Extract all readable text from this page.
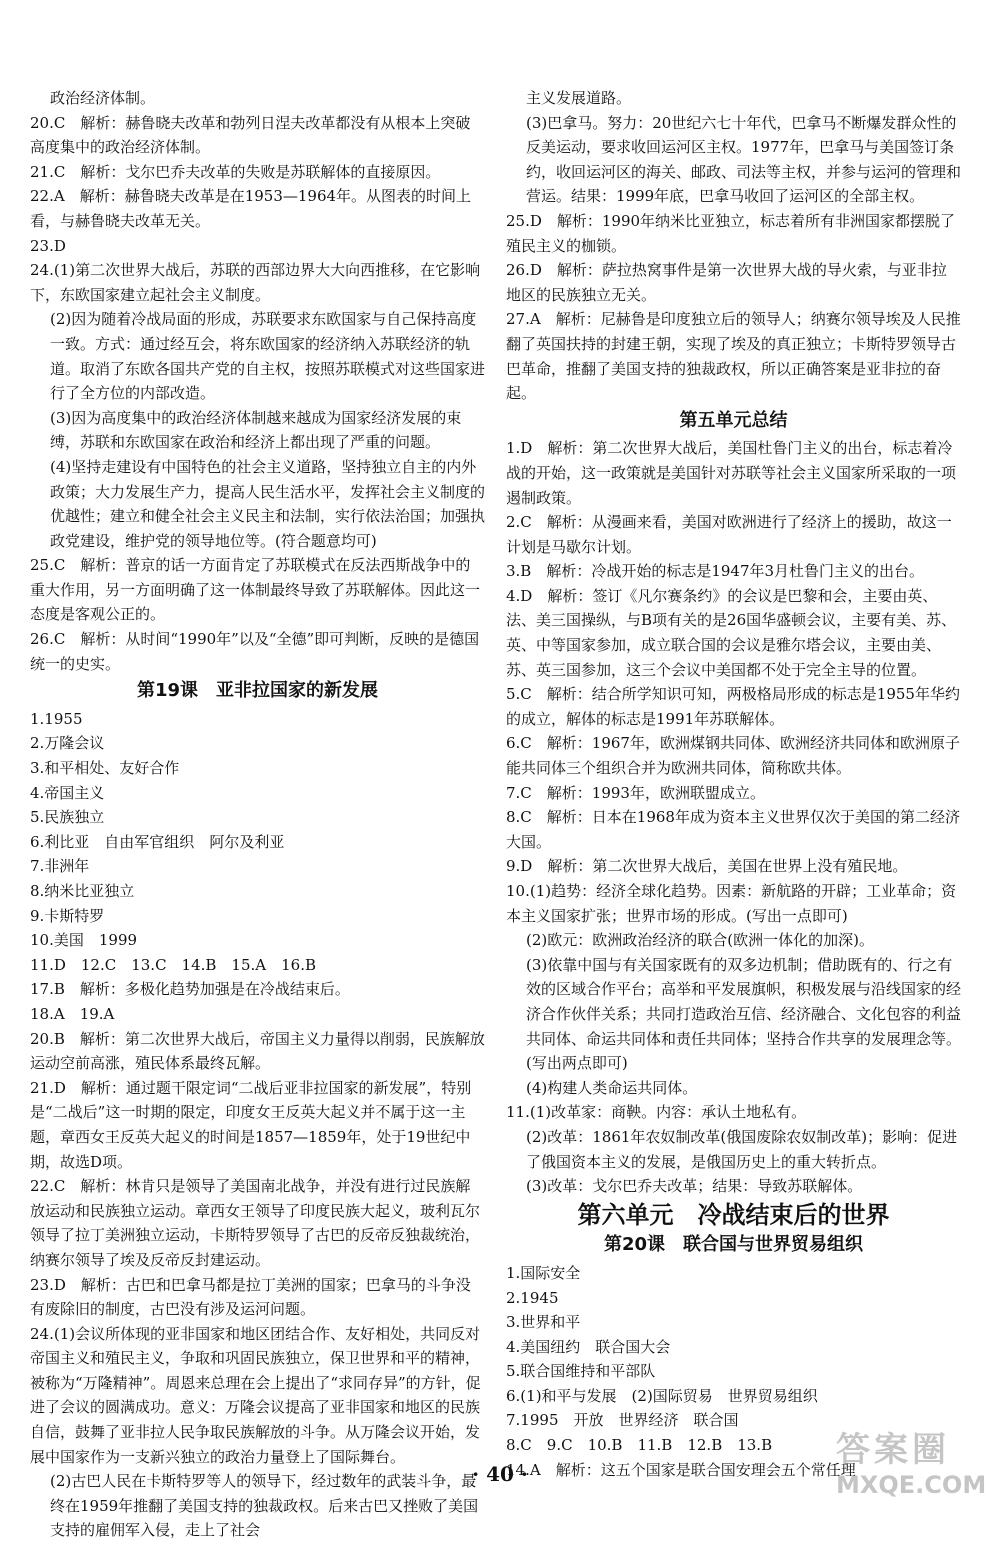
政治经济体制。
20.C　解析：赫鲁晓夫改革和勃列日涅夫改革都没有从根本上突破高度集中的政治经济体制。
21.C　解析：戈尔巴乔夫改革的失败是苏联解体的直接原因。
22.A　解析：赫鲁晓夫改革是在1953—1964年。从图表的时间上看，与赫鲁晓夫改革无关。
23.D
24.(1)第二次世界大战后，苏联的西部边界大大向西推移，在它影响下，东欧国家建立起社会主义制度。
(2)因为随着冷战局面的形成，苏联要求东欧国家与自己保持高度一致。方式：通过经互会，将东欧国家的经济纳入苏联经济的轨道。取消了东欧各国共产党的自主权，按照苏联模式对这些国家进行了全方位的内部改造。
(3)因为高度集中的政治经济体制越来越成为国家经济发展的束缚，苏联和东欧国家在政治和经济上都出现了严重的问题。
(4)坚持走建设有中国特色的社会主义道路，坚持独立自主的内外政策；大力发展生产力，提高人民生活水平，发挥社会主义制度的优越性；建立和健全社会主义民主和法制，实行依法治国；加强执政党建设，维护党的领导地位等。(符合题意均可)
25.C　解析：普京的话一方面肯定了苏联模式在反法西斯战争中的重大作用，另一方面明确了这一体制最终导致了苏联解体。因此这一态度是客观公正的。
26.C　解析：从时间“1990年”以及“全德”即可判断，反映的是德国统一的史实。
第19课　亚非拉国家的新发展
1.1955
2.万隆会议
3.和平相处、友好合作
4.帝国主义
5.民族独立
6.利比亚　自由军官组织　阿尔及利亚
7.非洲年
8.纳米比亚独立
9.卡斯特罗
10.美国　1999
11.D　12.C　13.C　14.B　15.A　16.B
17.B　解析：多极化趋势加强是在冷战结束后。
18.A　19.A
20.B　解析：第二次世界大战后，帝国主义力量得以削弱，民族解放运动空前高涨，殖民体系最终瓦解。
21.D　解析：通过题干限定词“二战后亚非拉国家的新发展”，特别是“二战后”这一时期的限定，印度女王反英大起义并不属于这一主题，章西女王反英大起义的时间是1857—1859年，处于19世纪中期，故选D项。
22.C　解析：林肯只是领导了美国南北战争，并没有进行过民族解放运动和民族独立运动。章西女王领导了印度民族大起义，玻利瓦尔领导了拉丁美洲独立运动，卡斯特罗领导了古巴的反帝反独裁统治，纳赛尔领导了埃及反帝反封建运动。
23.D　解析：古巴和巴拿马都是拉丁美洲的国家；巴拿马的斗争没有废除旧的制度，古巴没有涉及运河问题。
24.(1)会议所体现的亚非国家和地区团结合作、友好相处，共同反对帝国主义和殖民主义，争取和巩固民族独立，保卫世界和平的精神，被称为“万隆精神”。周恩来总理在会上提出了“求同存异”的方针，促进了会议的圆满成功。意义：万隆会议提高了亚非国家和地区的民族自信，鼓舞了亚非拉人民争取民族解放的斗争。从万隆会议开始，发展中国家作为一支新兴独立的政治力量登上了国际舞台。
(2)古巴人民在卡斯特罗等人的领导下，经过数年的武装斗争，最终在1959年推翻了美国支持的独裁政权。后来古巴又挫败了美国支持的雇佣军入侵，走上了社会
主义发展道路。
(3)巴拿马。努力：20世纪六七十年代，巴拿马不断爆发群众性的反美运动，要求收回运河区主权。1977年，巴拿马与美国签订条约，收回运河区的海关、邮政、司法等主权，并参与运河的管理和营运。结果：1999年底，巴拿马收回了运河区的全部主权。
25.D　解析：1990年纳米比亚独立，标志着所有非洲国家都摆脱了殖民主义的枷锁。
26.D　解析：萨拉热窝事件是第一次世界大战的导火索，与亚非拉地区的民族独立无关。
27.A　解析：尼赫鲁是印度独立后的领导人；纳赛尔领导埃及人民推翻了英国扶持的封建王朝，实现了埃及的真正独立；卡斯特罗领导古巴革命，推翻了美国支持的独裁政权，所以正确答案是亚非拉的奋起。
第五单元总结
1.D　解析：第二次世界大战后，美国杜鲁门主义的出台，标志着冷战的开始，这一政策就是美国针对苏联等社会主义国家所采取的一项遏制政策。
2.C　解析：从漫画来看，美国对欧洲进行了经济上的援助，故这一计划是马歇尔计划。
3.B　解析：冷战开始的标志是1947年3月杜鲁门主义的出台。
4.D　解析：签订《凡尔赛条约》的会议是巴黎和会，主要由英、法、美三国操纵，与B项有关的是26国华盛顿会议，主要有美、苏、英、中等国家参加，成立联合国的会议是雅尔塔会议，主要由美、苏、英三国参加，这三个会议中美国都不处于完全主导的位置。
5.C　解析：结合所学知识可知，两极格局形成的标志是1955年华约的成立，解体的标志是1991年苏联解体。
6.C　解析：1967年，欧洲煤钢共同体、欧洲经济共同体和欧洲原子能共同体三个组织合并为欧洲共同体，简称欧共体。
7.C　解析：1993年，欧洲联盟成立。
8.C　解析：日本在1968年成为资本主义世界仅次于美国的第二经济大国。
9.D　解析：第二次世界大战后，美国在世界上没有殖民地。
10.(1)趋势：经济全球化趋势。因素：新航路的开辟；工业革命；资本主义国家扩张；世界市场的形成。(写出一点即可)
(2)欧元：欧洲政治经济的联合(欧洲一体化的加深)。
(3)依靠中国与有关国家既有的双多边机制；借助既有的、行之有效的区域合作平台；高举和平发展旗帜，积极发展与沿线国家的经济合作伙伴关系；共同打造政治互信、经济融合、文化包容的利益共同体、命运共同体和责任共同体；坚持合作共享的发展理念等。(写出两点即可)
(4)构建人类命运共同体。
11.(1)改革家：商鞅。内容：承认土地私有。
(2)改革：1861年农奴制改革(俄国废除农奴制改革)；影响：促进了俄国资本主义的发展，是俄国历史上的重大转折点。
(3)改革：戈尔巴乔夫改革；结果：导致苏联解体。
第六单元　冷战结束后的世界
第20课　联合国与世界贸易组织
1.国际安全
2.1945
3.世界和平
4.美国纽约　联合国大会
5.联合国维持和平部队
6.(1)和平与发展　(2)国际贸易　世界贸易组织
7.1995　开放　世界经济　联合国
8.C　9.C　10.B　11.B　12.B　13.B
14.A　解析：这五个国家是联合国安理会五个常任理
· 40 ·
答案圈
MXQE.COM
